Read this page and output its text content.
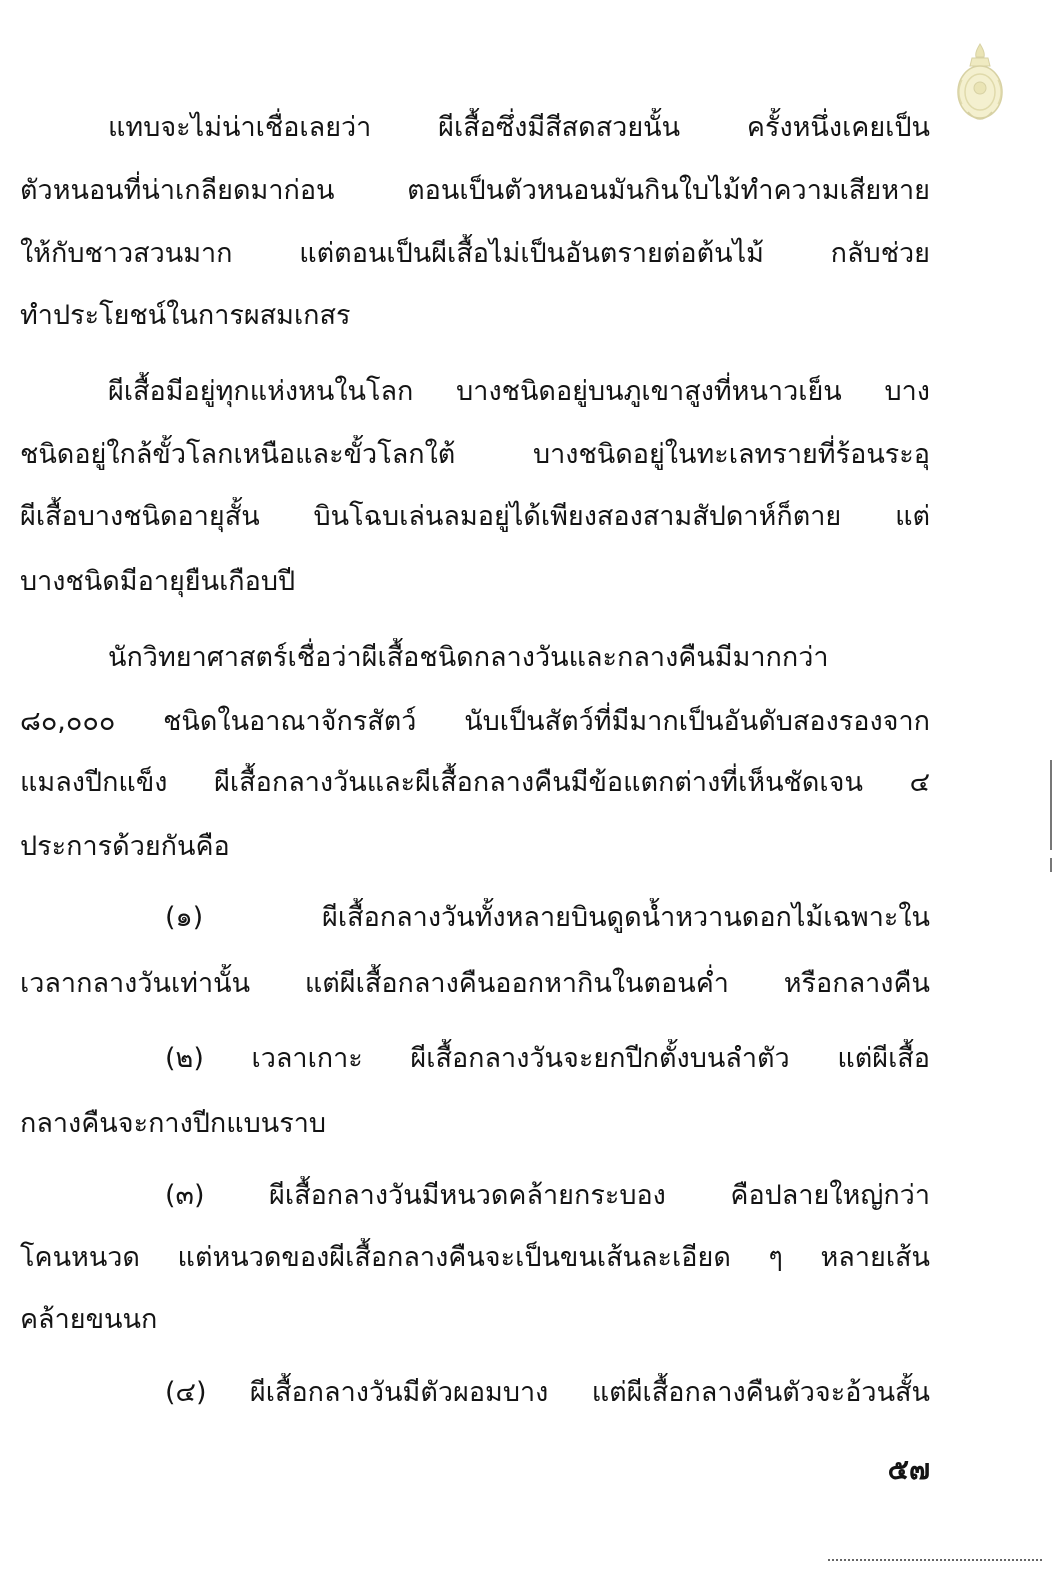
แทบจะไม่น่าเชื่อเลยว่า ผีเสื้อซึ่งมีสีสดสวยนั้น ครั้งหนึ่งเคยเป็น
ตัวหนอนที่น่าเกลียดมาก่อน ตอนเป็นตัวหนอนมันกินใบไม้ทำความเสียหาย
ให้กับชาวสวนมาก แต่ตอนเป็นผีเสื้อไม่เป็นอันตรายต่อต้นไม้ กลับช่วย
ทำประโยชน์ในการผสมเกสร
ผีเสื้อมีอยู่ทุกแห่งหนในโลก บางชนิดอยู่บนภูเขาสูงที่หนาวเย็น บาง
ชนิดอยู่ใกล้ขั้วโลกเหนือและขั้วโลกใต้ บางชนิดอยู่ในทะเลทรายที่ร้อนระอุ
ผีเสื้อบางชนิดอายุสั้น บินโฉบเล่นลมอยู่ได้เพียงสองสามสัปดาห์ก็ตาย แต่
บางชนิดมีอายุยืนเกือบปี
นักวิทยาศาสตร์เชื่อว่าผีเสื้อชนิดกลางวันและกลางคืนมีมากกว่า
๘๐,๐๐๐ ชนิดในอาณาจักรสัตว์ นับเป็นสัตว์ที่มีมากเป็นอันดับสองรองจาก
แมลงปีกแข็ง ผีเสื้อกลางวันและผีเสื้อกลางคืนมีข้อแตกต่างที่เห็นชัดเจน ๔
ประการด้วยกันคือ
(๑) ผีเสื้อกลางวันทั้งหลายบินดูดน้ำหวานดอกไม้เฉพาะใน
เวลากลางวันเท่านั้น แต่ผีเสื้อกลางคืนออกหากินในตอนค่ำ หรือกลางคืน
(๒) เวลาเกาะ ผีเสื้อกลางวันจะยกปีกตั้งบนลำตัว แต่ผีเสื้อ
กลางคืนจะกางปีกแบนราบ
(๓) ผีเสื้อกลางวันมีหนวดคล้ายกระบอง คือปลายใหญ่กว่า
โคนหนวด แต่หนวดของผีเสื้อกลางคืนจะเป็นขนเส้นละเอียด ๆ หลายเส้น
คล้ายขนนก
(๔) ผีเสื้อกลางวันมีตัวผอมบาง แต่ผีเสื้อกลางคืนตัวจะอ้วนสั้น
๕๗
